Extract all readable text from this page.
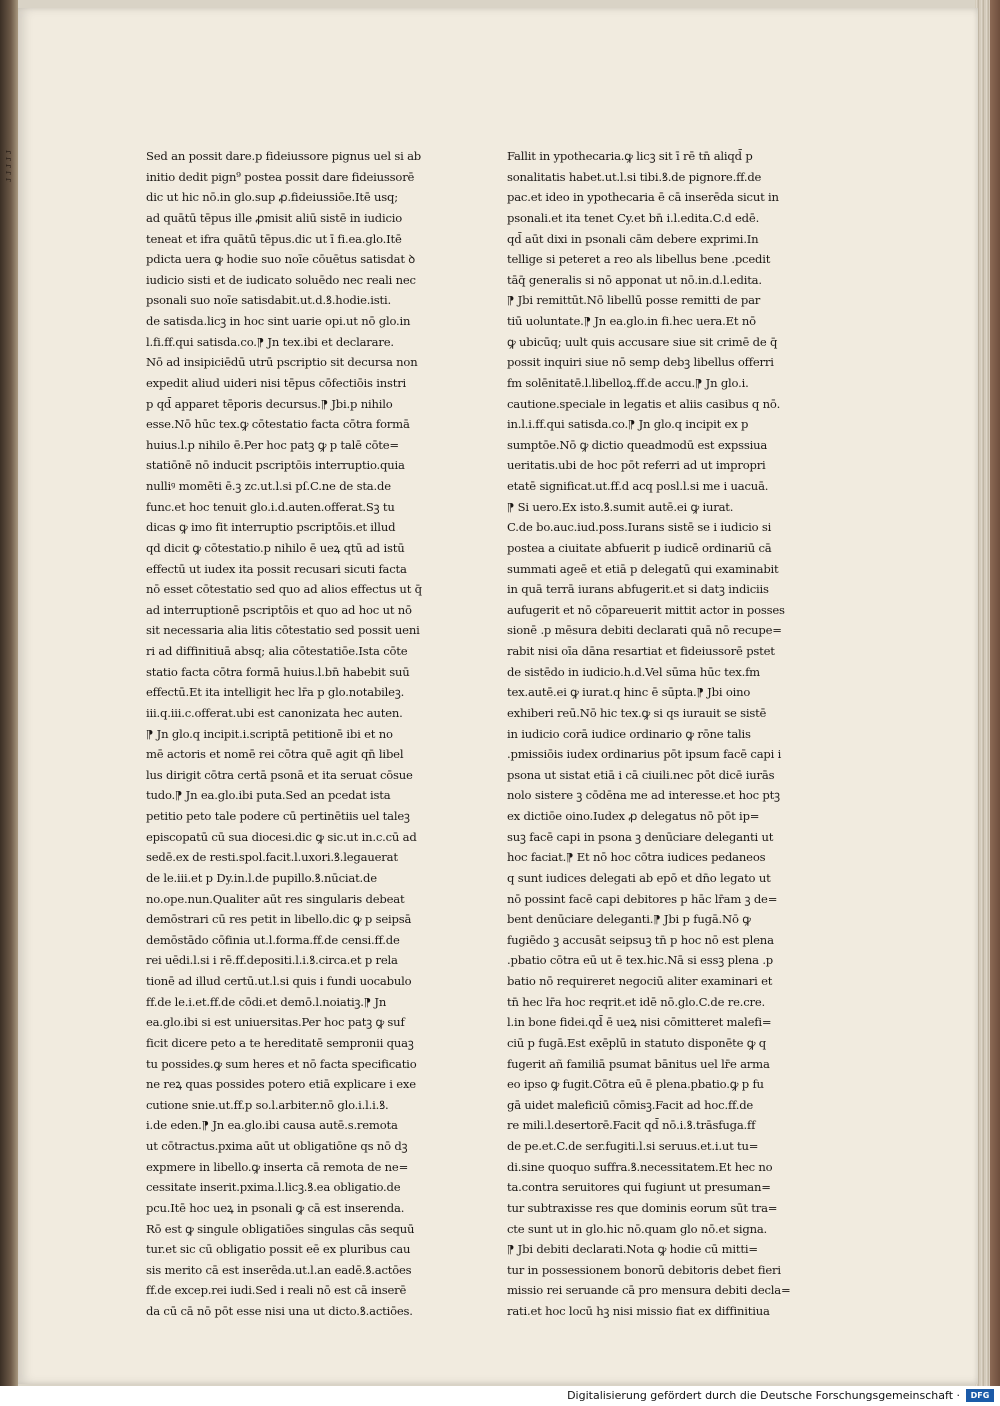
ɾ ɾ ɾ ɾ ɾ	Sed an possit dare.p fideiussore pignus uel si ab
initio dedit pign⁹ postea possit dare fideiussorē
dic ut hic nō.in glo.sup ꝓ.fideiussiōe.Itē usq;
ad quātū tēpus ille ꝓmisit aliū sistē in iudicio
teneat et ifra quātū tēpus.dic ut ī fi.ea.glo.Itē
pdicta uera ꝙ hodie suo noīe cōuētus satisdat ꝺ
iudicio sisti et de iudicato soluēdo nec reali nec
psonali suo noīe satisdabit.ut.d.ꝸ.hodie.isti.
de satisda.licꝫ in hoc sint uarie opi.ut nō glo.in
l.fi.ff.qui satisda.co.⁋ Jn tex.ibi et declarare.
Nō ad insipiciēdū utrū pscriptio sit decursa non
expedit aliud uideri nisi tēpus cōfectiōis instri
p qd̄ apparet tēporis decursus.⁋ Jbi.p nihilo
esse.Nō hūc tex.ꝙ cōtestatio facta cōtra formā
huius.l.p nihilo ē.Per hoc patꝫ ꝙ p talē cōte=
statiōnē nō inducit pscriptōis interruptio.quia
nulliꝰ momēti ē.ꝫ zc.ut.l.si pſ.C.ne de sta.de
func.et hoc tenuit glo.i.d.auten.offerat.Sꝫ tu
dicas ꝙ imo fit interruptio pscriptōis.et illud
qd dicit ꝙ cōtestatio.p nihilo ē ueꝝ qtū ad istū
effectū ut iudex ita possit recusari sicuti facta
nō esset cōtestatio sed quo ad alios effectus ut q̄
ad interruptionē pscriptōis et quo ad hoc ut nō
sit necessaria alia litis cōtestatio sed possit ueni
ri ad diffinitiuā absq; alia cōtestatiōe.Ista cōte
statio facta cōtra formā huius.l.bn̄ habebit suū
effectū.Et ita intelligit hec lr̄a p glo.notabileꝫ.
iii.q.iii.c.offerat.ubi est canonizata hec auten.
⁋ Jn glo.q incipit.i.scriptā petitionē ibi et no
mē actoris et nomē rei cōtra quē agit qn̄ libel
lus dirigit cōtra certā psonā et ita seruat cōsue
tudo.⁋ Jn ea.glo.ibi puta.Sed an pcedat ista
petitio peto tale podere cū pertinētiis uel taleꝫ
episcopatū cū sua diocesi.dic ꝙ sic.ut in.c.cū ad
sedē.ex de resti.spol.facit.l.uxori.ꝸ.legauerat
de le.iii.et p Dy.in.l.de pupillo.ꝸ.nūciat.de
no.ope.nun.Qualiter aūt res singularis debeat
demōstrari cū res petit in libello.dic ꝙ p seipsā
demōstādo cōfinia ut.l.forma.ff.de censi.ff.de
rei uēdi.l.si i rē.ff.depositi.l.i.ꝸ.circa.et p rela
tionē ad illud certū.ut.l.si quis i fundi uocabulo
ff.de le.i.et.ff.de cōdi.et demō.l.noiatiꝫ.⁋ Jn
ea.glo.ibi si est uniuersitas.Per hoc patꝫ ꝙ suf
ficit dicere peto a te hereditatē sempronii quaꝫ
tu possides.ꝙ sum heres et nō facta specificatio
ne reꝝ quas possides potero etiā explicare i exe
cutione snie.ut.ff.p so.l.arbiter.nō glo.i.l.i.ꝸ.
i.de eden.⁋ Jn ea.glo.ibi causa autē.s.remota
ut cōtractus.pxima aūt ut obligatiōne qs nō dꝫ
expmere in libello.ꝙ inserta cā remota de ne=
cessitate inserit.pxima.l.licꝫ.ꝸ.ea obligatio.de
pcu.Itē hoc ueꝝ in psonali ꝙ cā est inserenda.
Rō est ꝙ singule obligatiōes singulas cās sequū
tur.et sic cū obligatio possit eē ex pluribus cau
sis merito cā est inserēda.ut.l.an eadē.ꝸ.actōes
ff.de excep.rei iudi.Sed i reali nō est cā inserē
da cū cā nō pōt esse nisi una ut dicto.ꝸ.actiōes.
Fallit in ypothecaria.ꝙ licꝫ sit ī rē tn̄ aliqd̄ p
sonalitatis habet.ut.l.si tibi.ꝸ.de pignore.ff.de
pac.et ideo in ypothecaria ē cā inserēda sicut in
psonali.et ita tenet Cy.et bn̄ i.l.edita.C.d edē.
qd̄ aūt dixi in psonali cām debere exprimi.In
tellige si peteret a reo als libellus bene .pcedit
tāq̄ generalis si nō apponat ut nō.in.d.l.edita.
⁋ Jbi remittūt.Nō libellū posse remitti de par
tiū uoluntate.⁋ Jn ea.glo.in fi.hec uera.Et nō
ꝙ ubicūq; uult quis accusare siue sit crimē de q̄
possit inquiri siue nō semp debꝫ libellus offerri
fm solēnitatē.l.libelloꝝ.ff.de accu.⁋ Jn glo.i.
cautione.speciale in legatis et aliis casibus q nō.
in.l.i.ff.qui satisda.co.⁋ Jn glo.q incipit ex p
sumptōe.Nō ꝙ dictio queadmodū est expssiua
ueritatis.ubi de hoc pōt referri ad ut impropri
etatē significat.ut.ff.d acq posl.l.si me i uacuā.
⁋ Si uero.Ex isto.ꝸ.sumit autē.ei ꝙ iurat.
C.de bo.auc.iud.poss.Iurans sistē se i iudicio si
postea a ciuitate abfuerit p iudicē ordinariū cā
summati ageē et etiā p delegatū qui examinabit
in quā terrā iurans abfugerit.et si datꝫ indiciis
aufugerit et nō cōpareuerit mittit actor in posses
sionē .p mēsura debiti declarati quā nō recupe=
rabit nisi oīa dāna resartiat et fideiussorē pstet
de sistēdo in iudicio.h.d.Vel sūma hūc tex.fm
tex.autē.ei ꝙ iurat.q hinc ē sūpta.⁋ Jbi oino
exhiberi reū.Nō hic tex.ꝙ si qs iurauit se sistē
in iudicio corā iudice ordinario ꝙ rōne talis
.pmissiōis iudex ordinarius pōt ipsum facē capi i
psona ut sistat etiā i cā ciuili.nec pōt dicē iurās
nolo sistere ꝫ cōdēna me ad interesse.et hoc ptꝫ
ex dictiōe oino.Iudex ꝓ delegatus nō pōt ip=
suꝫ facē capi in psona ꝫ denūciare deleganti ut
hoc faciat.⁋ Et nō hoc cōtra iudices pedaneos
q sunt iudices delegati ab epō et dn̄o legato ut
nō possint facē capi debitores p hāc lr̄am ꝫ de=
bent denūciare deleganti.⁋ Jbi p fugā.Nō ꝙ
fugiēdo ꝫ accusāt seipsuꝫ tn̄ p hoc nō est plena
.pbatio cōtra eū ut ē tex.hic.Nā si essꝫ plena .p
batio nō requireret negociū aliter examinari et
tn̄ hec lr̄a hoc reqrit.et idē nō.glo.C.de re.cre.
l.in bone fidei.qd̄ ē ueꝝ nisi cōmitteret malefi=
ciū p fugā.Est exēplū in statuto disponēte ꝙ q
fugerit añ familiā psumat bānitus uel lr̄e arma
eo ipso ꝙ fugit.Cōtra eū ē plena.pbatio.ꝙ p fu
gā uidet maleficiū cōmisꝫ.Facit ad hoc.ff.de
re mili.l.desertorē.Facit qd̄ nō.i.ꝸ.trāsfuga.ff
de pe.et.C.de ser.fugiti.l.si seruus.et.i.ut tu=
di.sine quoquo suffra.ꝸ.necessitatem.Et hec no
ta.contra seruitores qui fugiunt ut presuman=
tur subtraxisse res que dominis eorum sūt tra=
cte sunt ut in glo.hic nō.quam glo nō.et signa.
⁋ Jbi debiti declarati.Nota ꝙ hodie cū mitti=
tur in possessionem bonorū debitoris debet fieri
missio rei seruande cā pro mensura debiti decla=
rati.et hoc locū hꝫ nisi missio fiat ex diffinitiua
Digitalisierung gefördert durch die Deutsche Forschungsgemeinschaft ·	DFG
